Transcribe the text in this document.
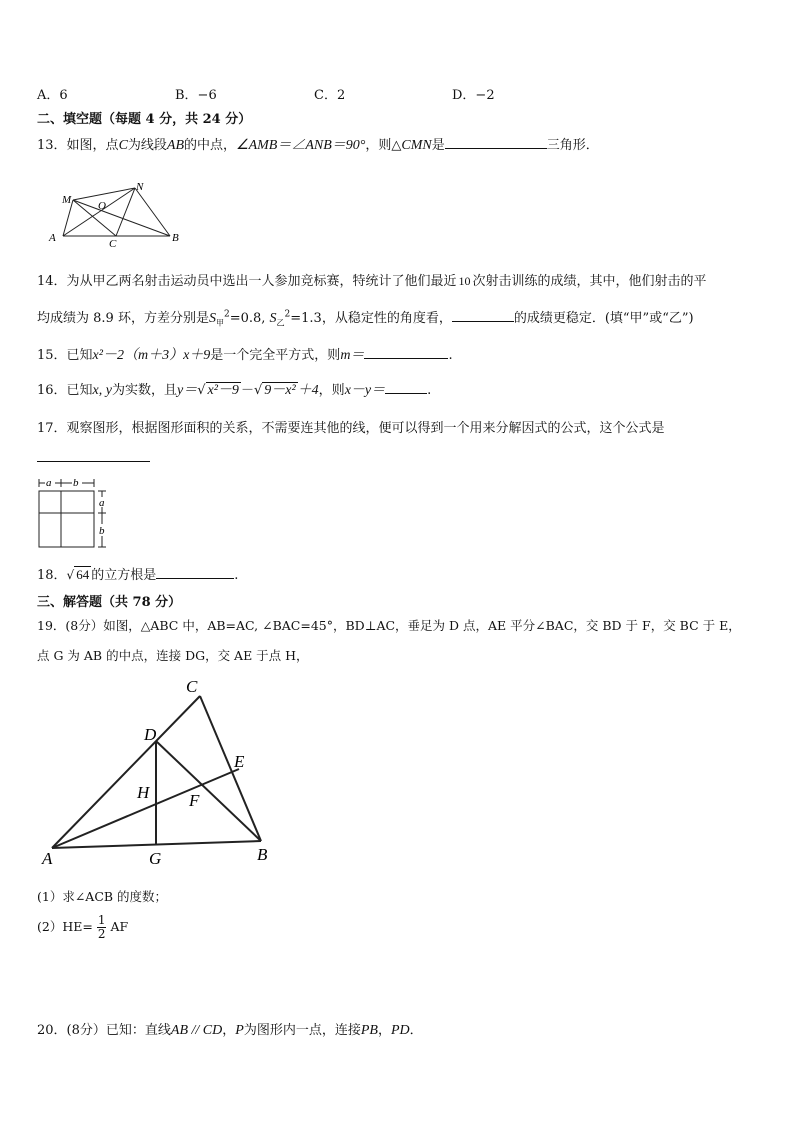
A．6	B．−6	C．2	D．−2
二、填空题（每题 4 分，共 24 分）
13．如图，点C为线段AB的中点，∠AMB＝∠ANB＝90°，则△CMN是	三角形．
M
N
O
A	C	B
14．为从甲乙两名射击运动员中选出一人参加竞标赛，特统计了他们最近 10 次射击训练的成绩，其中，他们射击的平
均成绩为 8.9 环，方差分别是$S_甲^2=0.8$, $S_乙^2=1.3$，从稳定性的角度看，	的成绩更稳定．(填“甲”或“乙”)
15．已知x²－2（m＋3）x＋9是一个完全平方式，则m＝	.
16．已知x, y为实数，且y＝√ x²－9 －√ 9－x² ＋4，则x－y＝	.
17．观察图形，根据图形面积的关系，不需要连其他的线，便可以得到一个用来分解因式的公式，这个公式是
a b
a
b
18．√ 64 的立方根是	.
三、解答题（共 78 分）
19．(8分）如图，△ABC 中，AB=AC, ∠BAC=45°，BD⊥AC，垂足为 D 点，AE 平分∠BAC，交 BD 于 F，交 BC 于 E，
点 G 为 AB 的中点，连接 DG，交 AE 于点 H，
C
D
E
H F
A	G	B
(1）求∠ACB 的度数；
$(2)HE= \frac{1}{2}$ AF
20．(8分）已知：直线AB // CD，P为图形内一点，连接PB，PD．
